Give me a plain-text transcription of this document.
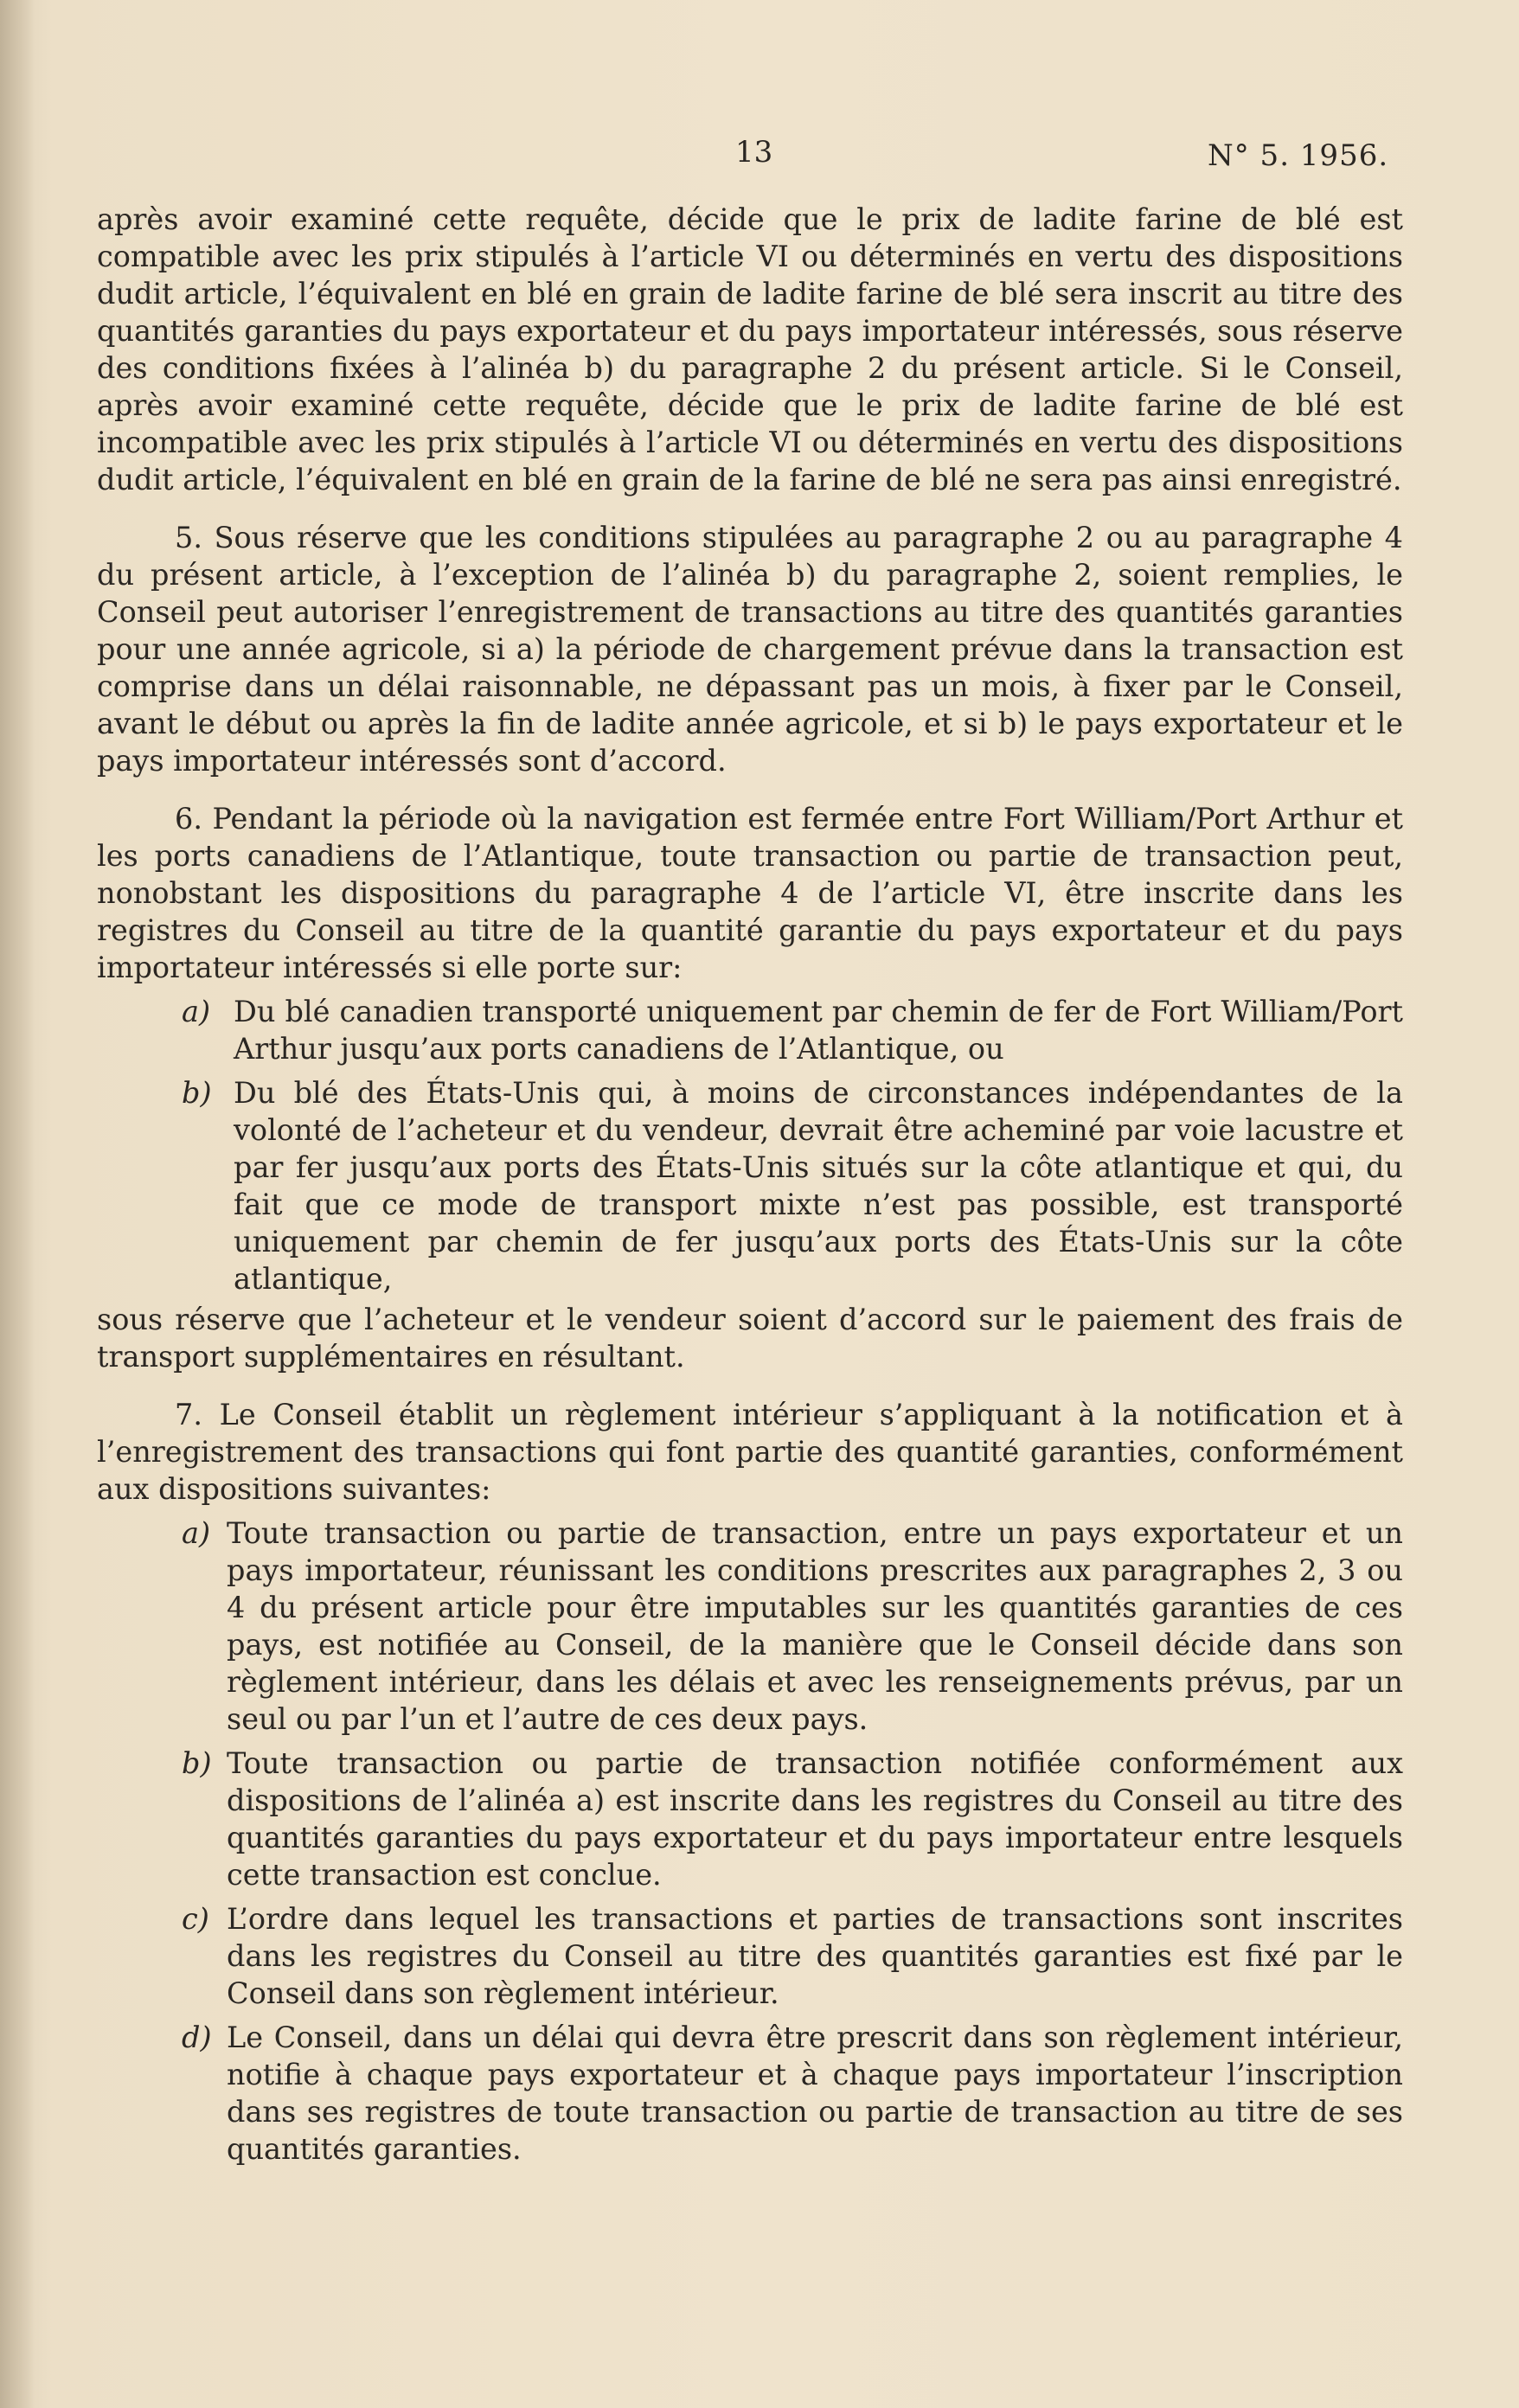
13	N° 5. 1956.

après avoir examiné cette requête, décide que le prix de ladite farine de blé est compatible avec les prix stipulés à l’article VI ou déterminés en vertu des dispositions dudit article, l’équivalent en blé en grain de ladite farine de blé sera inscrit au titre des quantités garanties du pays exportateur et du pays importateur intéressés, sous réserve des conditions fixées à l’alinéa b) du paragraphe 2 du présent article. Si le Conseil, après avoir examiné cette requête, décide que le prix de ladite farine de blé est incompatible avec les prix stipulés à l’article VI ou déterminés en vertu des dispositions dudit article, l’équivalent en blé en grain de la farine de blé ne sera pas ainsi enregistré.

5. Sous réserve que les conditions stipulées au paragraphe 2 ou au paragraphe 4 du présent article, à l’exception de l’alinéa b) du paragraphe 2, soient remplies, le Conseil peut autoriser l’enregistrement de transactions au titre des quantités garanties pour une année agricole, si a) la période de chargement prévue dans la transaction est comprise dans un délai raisonnable, ne dépassant pas un mois, à fixer par le Conseil, avant le début ou après la fin de ladite année agricole, et si b) le pays exportateur et le pays importateur intéressés sont d’accord.

6. Pendant la période où la navigation est fermée entre Fort William/Port Arthur et les ports canadiens de l’Atlantique, toute transaction ou partie de transaction peut, nonobstant les dispositions du paragraphe 4 de l’article VI, être inscrite dans les registres du Conseil au titre de la quantité garantie du pays exportateur et du pays importateur intéressés si elle porte sur:

a) Du blé canadien transporté uniquement par chemin de fer de Fort William/Port Arthur jusqu’aux ports canadiens de l’Atlantique, ou
b) Du blé des États-Unis qui, à moins de circonstances indépendantes de la volonté de l’acheteur et du vendeur, devrait être acheminé par voie lacustre et par fer jusqu’aux ports des États-Unis situés sur la côte atlantique et qui, du fait que ce mode de transport mixte n’est pas possible, est transporté uniquement par chemin de fer jusqu’aux ports des États-Unis sur la côte atlantique,

sous réserve que l’acheteur et le vendeur soient d’accord sur le paiement des frais de transport supplémentaires en résultant.

7. Le Conseil établit un règlement intérieur s’appliquant à la notification et à l’enregistrement des transactions qui font partie des quantité garanties, conformément aux dispositions suivantes:

a) Toute transaction ou partie de transaction, entre un pays exportateur et un pays importateur, réunissant les conditions prescrites aux paragraphes 2, 3 ou 4 du présent article pour être imputables sur les quantités garanties de ces pays, est notifiée au Conseil, de la manière que le Conseil décide dans son règlement intérieur, dans les délais et avec les renseignements prévus, par un seul ou par l’un et l’autre de ces deux pays.
b) Toute transaction ou partie de transaction notifiée conformément aux dispositions de l’alinéa a) est inscrite dans les registres du Conseil au titre des quantités garanties du pays exportateur et du pays importateur entre lesquels cette transaction est conclue.
c) L’ordre dans lequel les transactions et parties de transactions sont inscrites dans les registres du Conseil au titre des quantités garanties est fixé par le Conseil dans son règlement intérieur.
d) Le Conseil, dans un délai qui devra être prescrit dans son règlement intérieur, notifie à chaque pays exportateur et à chaque pays importateur l’inscription dans ses registres de toute transaction ou partie de transaction au titre de ses quantités garanties.
